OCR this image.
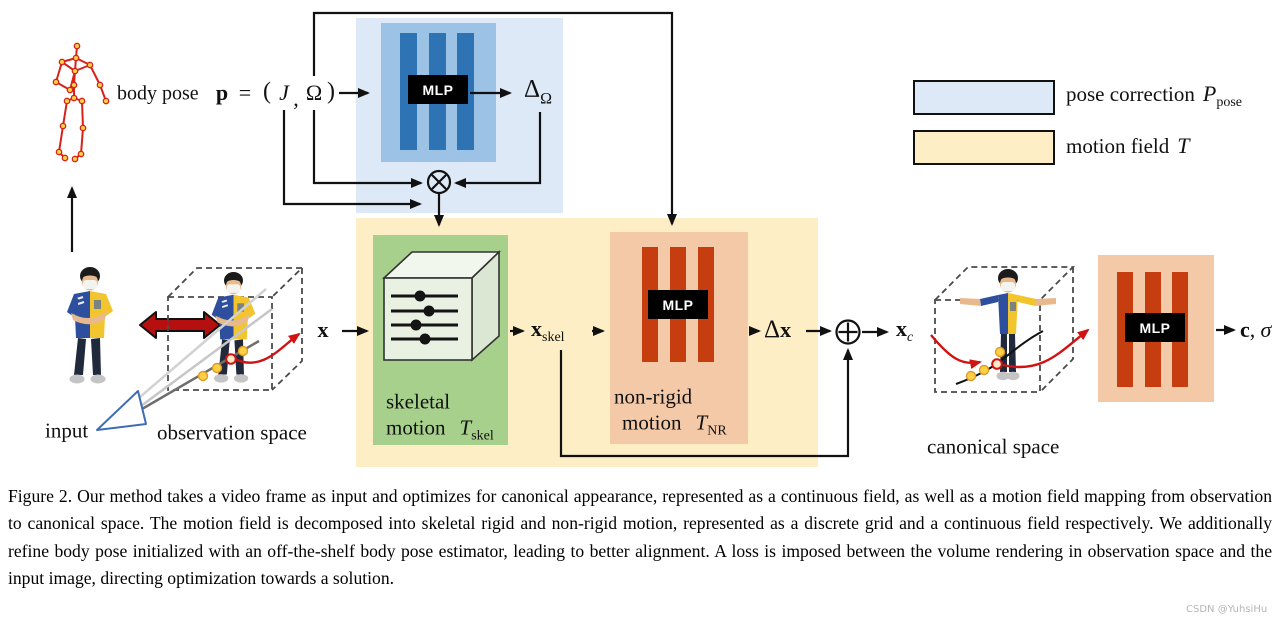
MLP
MLP
MLP
body pose p = ( J , Ω )	$\Delta_\Omega$
x	$x_{skel}$	Δx	$x_c$	c, σ
skeletal
motion $T_{skel}$
non-rigid
motion $T_{NR}$
input	observation space
canonical space
pose correction $P_{pose}$
motion field T
Figure 2. Our method takes a video frame as input and optimizes for canonical appearance, represented as a continuous field, as well as a motion field mapping from observation to canonical space. The motion field is decomposed into skeletal rigid and non-rigid motion, represented as a discrete grid and a continuous field respectively. We additionally refine body pose initialized with an off-the-shelf body pose estimator, leading to better alignment. A loss is imposed between the volume rendering in observation space and the input image, directing optimization towards a solution.
CSDN @YuhsiHu
